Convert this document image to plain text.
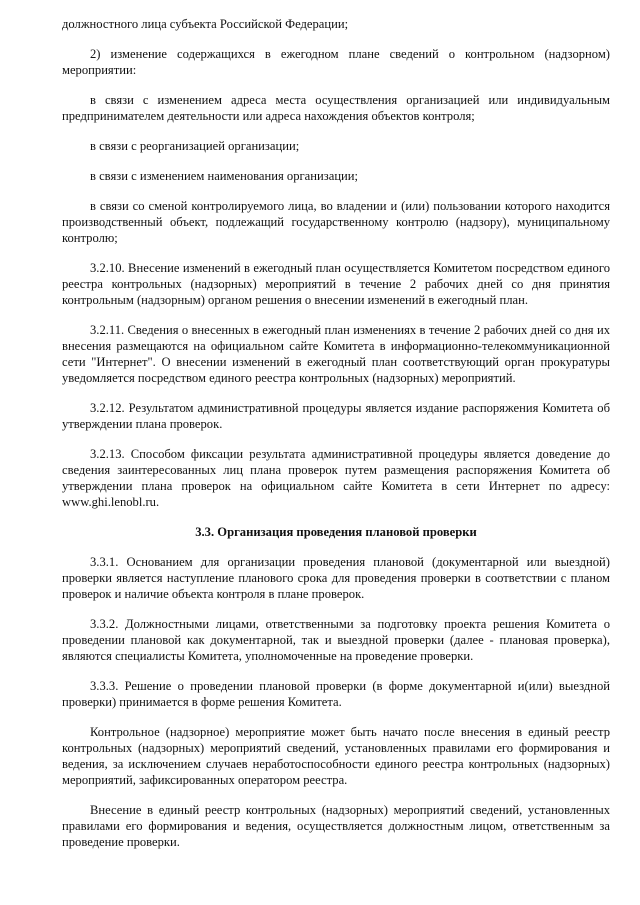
должностного лица субъекта Российской Федерации;

2) изменение содержащихся в ежегодном плане сведений о контрольном (надзорном) мероприятии:

в связи с изменением адреса места осуществления организацией или индивидуальным предпринимателем деятельности или адреса нахождения объектов контроля;

в связи с реорганизацией организации;

в связи с изменением наименования организации;

в связи со сменой контролируемого лица, во владении и (или) пользовании которого находится производственный объект, подлежащий государственному контролю (надзору), муниципальному контролю;

3.2.10. Внесение изменений в ежегодный план осуществляется Комитетом посредством единого реестра контрольных (надзорных) мероприятий в течение 2 рабочих дней со дня принятия контрольным (надзорным) органом решения о внесении изменений в ежегодный план.

3.2.11. Сведения о внесенных в ежегодный план изменениях в течение 2 рабочих дней со дня их внесения размещаются на официальном сайте Комитета в информационно-телекоммуникационной сети "Интернет". О внесении изменений в ежегодный план соответствующий орган прокуратуры уведомляется посредством единого реестра контрольных (надзорных) мероприятий.

3.2.12. Результатом административной процедуры является издание распоряжения Комитета об утверждении плана проверок.

3.2.13. Способом фиксации результата административной процедуры является доведение до сведения заинтересованных лиц плана проверок путем размещения распоряжения Комитета об утверждении плана проверок на официальном сайте Комитета в сети Интернет по адресу: www.ghi.lenobl.ru.

3.3. Организация проведения плановой проверки

3.3.1. Основанием для организации проведения плановой (документарной или выездной) проверки является наступление планового срока для проведения проверки в соответствии с планом проверок и наличие объекта контроля в плане проверок.

3.3.2. Должностными лицами, ответственными за подготовку проекта решения Комитета о проведении плановой как документарной, так и выездной проверки (далее - плановая проверка), являются специалисты Комитета, уполномоченные на проведение проверки.

3.3.3. Решение о проведении плановой проверки (в форме документарной и(или) выездной проверки) принимается в форме решения Комитета.

Контрольное (надзорное) мероприятие может быть начато после внесения в единый реестр контрольных (надзорных) мероприятий сведений, установленных правилами его формирования и ведения, за исключением случаев неработоспособности единого реестра контрольных (надзорных) мероприятий, зафиксированных оператором реестра.

Внесение в единый реестр контрольных (надзорных) мероприятий сведений, установленных правилами его формирования и ведения, осуществляется должностным лицом, ответственным за проведение проверки.
